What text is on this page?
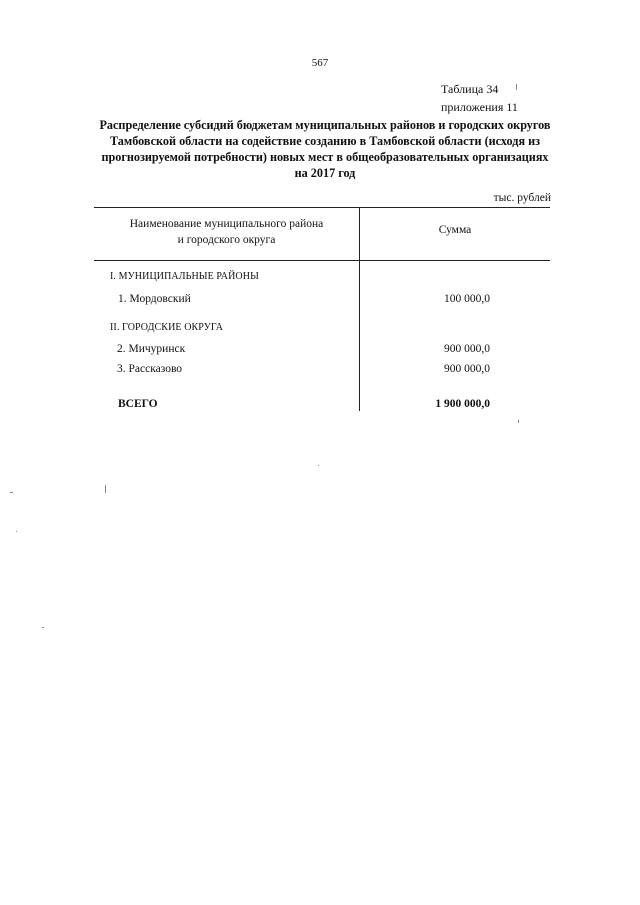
567
Таблица 34
приложения 11
Распределение субсидий бюджетам муниципальных районов и городских округов Тамбовской области на содействие созданию в Тамбовской области (исходя из прогнозируемой потребности) новых мест в общеобразовательных организациях на 2017 год
тыс. рублей
Наименование муниципального района
и городского округа
Сумма
I. МУНИЦИПАЛЬНЫЕ РАЙОНЫ
1. Мордовский	100 000,0
II. ГОРОДСКИЕ ОКРУГА
2. Мичуринск	900 000,0
3. Рассказово	900 000,0
ВСЕГО	1 900 000,0
